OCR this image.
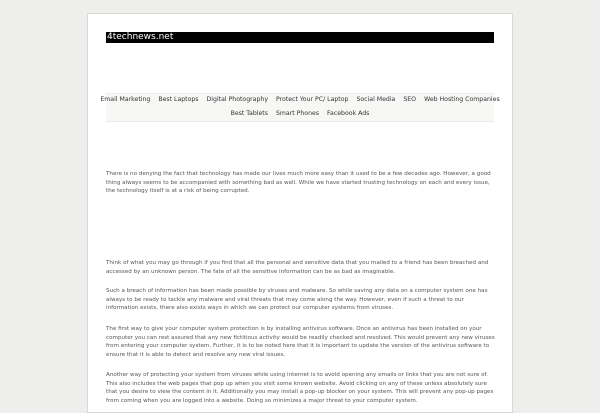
4technews.net
Email Marketing Best Laptops Digital Photography Protect Your PC/ Laptop Social Media SEO Web Hosting Companies
Best Tablets Smart Phones Facebook Ads

There is no denying the fact that technology has made our lives much more easy than it used to be a few decades ago. However, a good thing always seems to be accompanied with something bad as well. While we have started trusting technology on each and every issue, the technology itself is at a risk of being corrupted.

Think of what you may go through if you find that all the personal and sensitive data that you mailed to a friend has been breached and accessed by an unknown person. The fate of all the sensitive information can be as bad as imaginable.

Such a breach of information has been made possible by viruses and malware. So while saving any data on a computer system one has always to be ready to tackle any malware and viral threats that may come along the way. However, even if such a threat to our information exists, there also exists ways in which we can protect our computer systems from viruses.

The first way to give your computer system protection is by installing antivirus software. Once an antivirus has been installed on your computer you can rest assured that any new fictitious activity would be readily checked and resolved. This would prevent any new viruses from entering your computer system. Further, it is to be noted here that it is important to update the version of the antivirus software to ensure that it is able to detect and resolve any new viral issues.

Another way of protecting your system from viruses while using internet is to avoid opening any emails or links that you are not sure of. This also includes the web pages that pop up when you visit some known website. Avoid clicking on any of these unless absolutely sure that you desire to view the content in it. Additionally you may install a pop-up blocker on your system. This will prevent any pop-up pages from coming when you are logged into a website. Doing so minimizes a major threat to your computer system.
